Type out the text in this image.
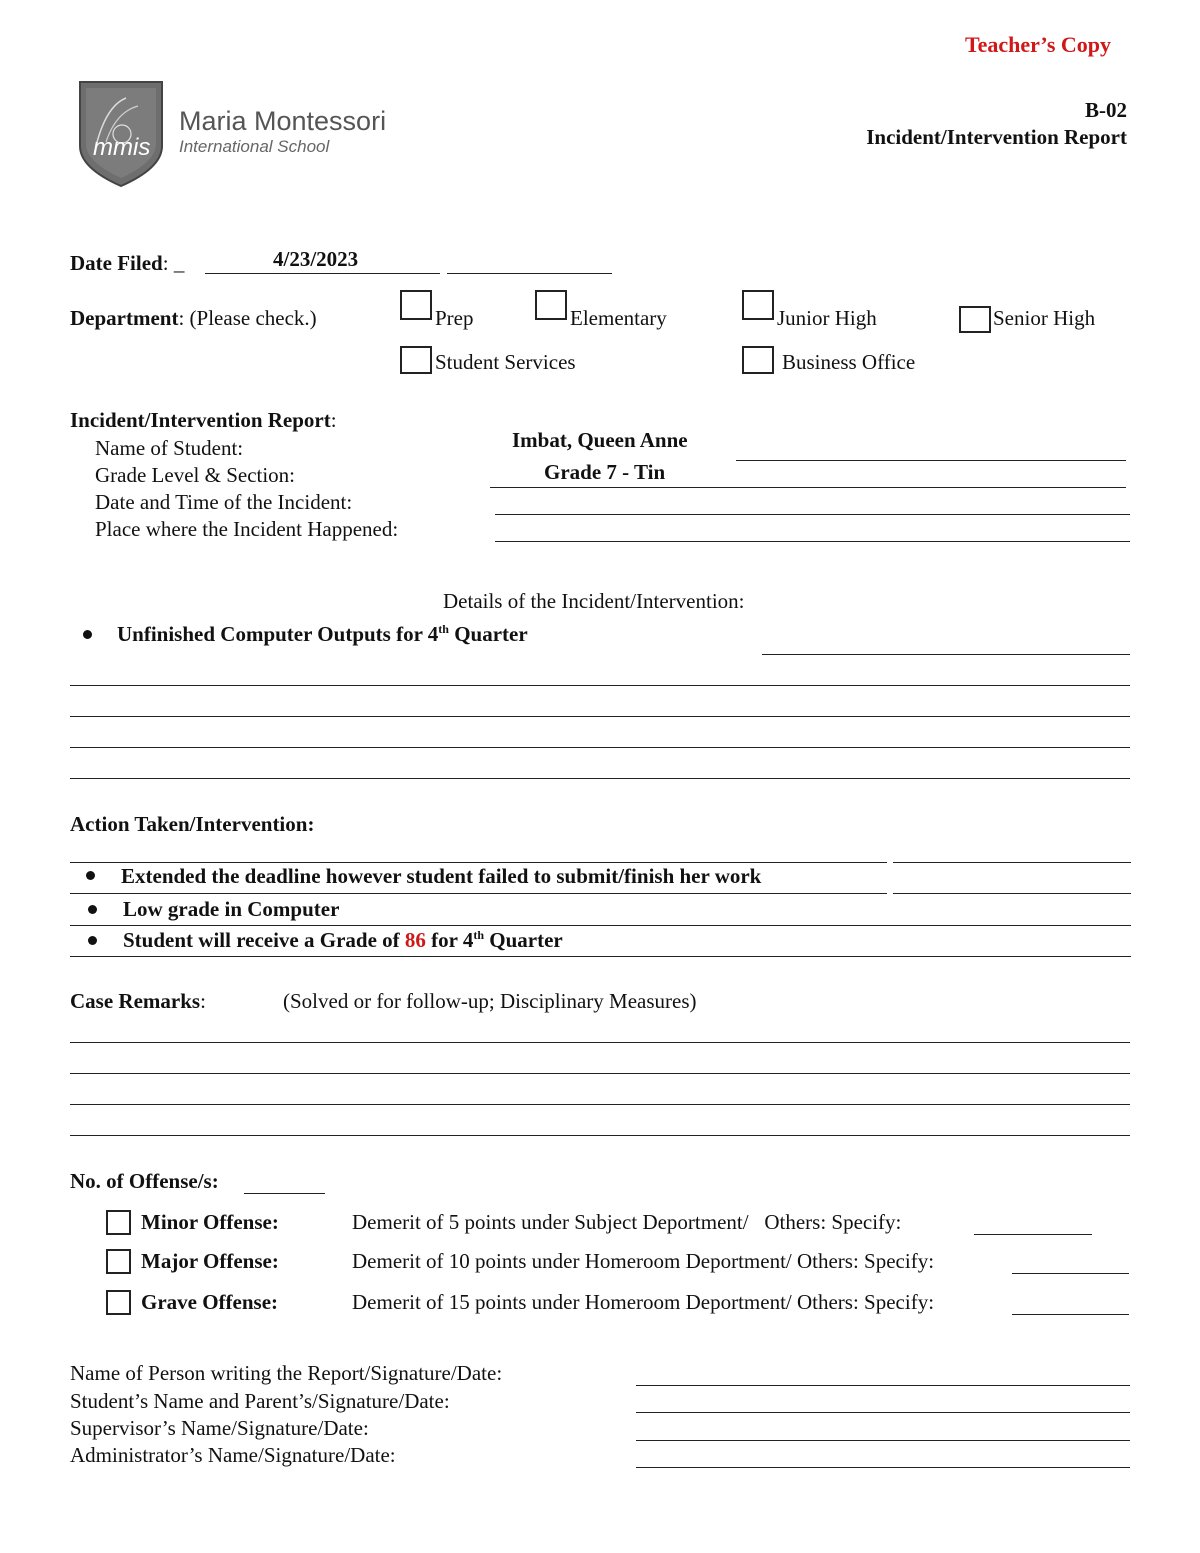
Teacher’s Copy
B-02
Incident/Intervention Report
mmis
Maria Montessori
International School
Date Filed: _	4/23/2023
Department: (Please check.)	Prep	Elementary	Junior High	Senior High
Student Services	Business Office
Incident/Intervention Report:
Name of Student:	Imbat, Queen Anne
Grade Level & Section:	Grade 7 - Tin
Date and Time of the Incident:
Place where the Incident Happened:
Details of the Incident/Intervention:
Unfinished Computer Outputs for 4th Quarter
Action Taken/Intervention:
Extended the deadline however student failed to submit/finish her work
Low grade in Computer
Student will receive a Grade of 86 for 4th Quarter
Case Remarks:	(Solved or for follow-up; Disciplinary Measures)
No. of Offense/s:
Minor Offense:	Demerit of 5 points under Subject Deportment/   Others: Specify:
Major Offense:	Demerit of 10 points under Homeroom Deportment/ Others: Specify:
Grave Offense:	Demerit of 15 points under Homeroom Deportment/ Others: Specify:
Name of Person writing the Report/Signature/Date:
Student’s Name and Parent’s/Signature/Date:
Supervisor’s Name/Signature/Date:
Administrator’s Name/Signature/Date:
